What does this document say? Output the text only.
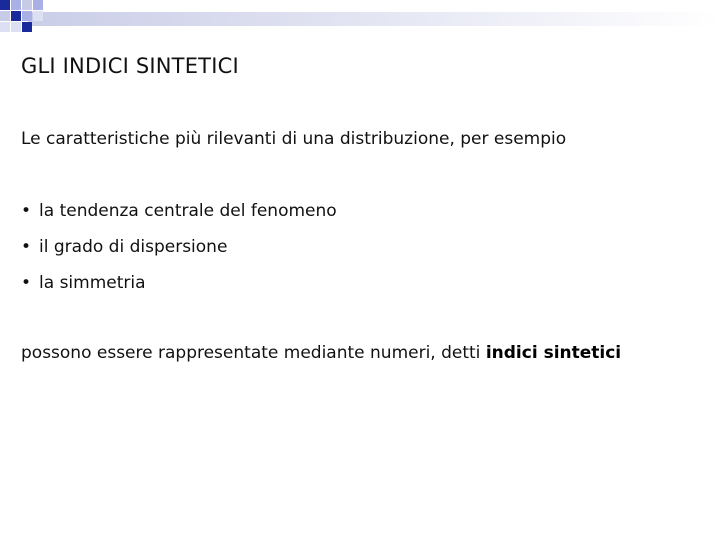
GLI INDICI SINTETICI
Le caratteristiche più rilevanti di una distribuzione, per esempio
• la tendenza centrale del fenomeno
• il grado di dispersione
• la simmetria
possono essere rappresentate mediante numeri, detti indici sintetici
